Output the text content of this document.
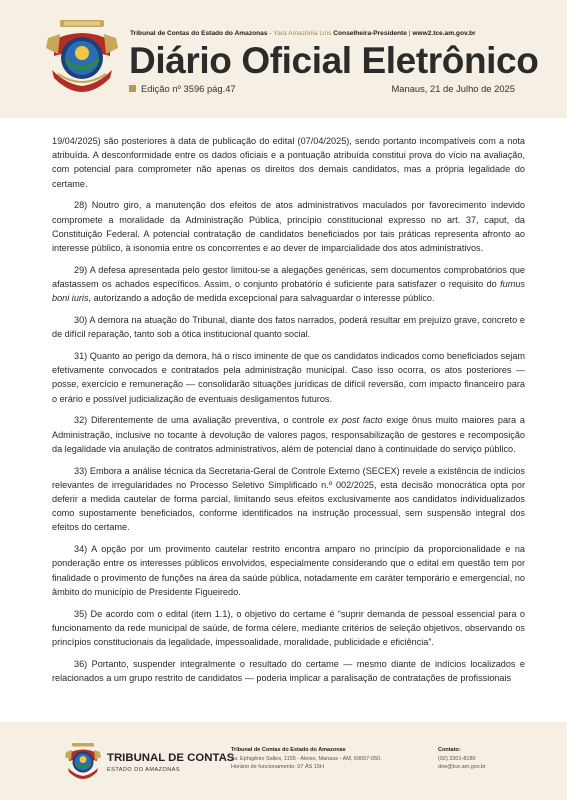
Tribunal de Contas do Estado do Amazonas - Yara Amazônia Lins Conselheira-Presidente | www2.tce.am.gov.br
Diário Oficial Eletrônico
Edição nº 3596 pág.47	Manaus, 21 de Julho de 2025

19/04/2025) são posteriores à data de publicação do edital (07/04/2025), sendo portanto incompatíveis com a nota atribuída. A desconformidade entre os dados oficiais e a pontuação atribuída constitui prova do vício na avaliação, com potencial para comprometer não apenas os direitos dos demais candidatos, mas a própria legalidade do certame.

28) Noutro giro, a manutenção dos efeitos de atos administrativos maculados por favorecimento indevido compromete a moralidade da Administração Pública, princípio constitucional expresso no art. 37, caput, da Constituição Federal. A potencial contratação de candidatos beneficiados por tais práticas representa afronto ao interesse público, à isonomia entre os concorrentes e ao dever de imparcialidade dos atos administrativos.

29) A defesa apresentada pelo gestor limitou-se a alegações genéricas, sem documentos comprobatórios que afastassem os achados específicos. Assim, o conjunto probatório é suficiente para satisfazer o requisito do fumus boni iuris, autorizando a adoção de medida excepcional para salvaguardar o interesse público.

30) A demora na atuação do Tribunal, diante dos fatos narrados, poderá resultar em prejuízo grave, concreto e de difícil reparação, tanto sob a ótica institucional quanto social.

31) Quanto ao perigo da demora, há o risco iminente de que os candidatos indicados como beneficiados sejam efetivamente convocados e contratados pela administração municipal. Caso isso ocorra, os atos posteriores — posse, exercício e remuneração — consolidarão situações jurídicas de difícil reversão, com impacto financeiro para o erário e possível judicialização de eventuais desligamentos futuros.

32) Diferentemente de uma avaliação preventiva, o controle ex post facto exige ônus muito maiores para a Administração, inclusive no tocante à devolução de valores pagos, responsabilização de gestores e recomposição da legalidade via anulação de contratos administrativos, além de potencial dano à continuidade do serviço público.

33) Embora a análise técnica da Secretaria-Geral de Controle Externo (SECEX) revele a existência de indícios relevantes de irregularidades no Processo Seletivo Simplificado n.º 002/2025, esta decisão monocrática opta por deferir a medida cautelar de forma parcial, limitando seus efeitos exclusivamente aos candidatos individualizados como supostamente beneficiados, conforme identificados na instrução processual, sem suspensão integral dos efeitos do certame.

34) A opção por um provimento cautelar restrito encontra amparo no princípio da proporcionalidade e na ponderação entre os interesses públicos envolvidos, especialmente considerando que o edital em questão tem por finalidade o provimento de funções na área da saúde pública, notadamente em caráter temporário e emergencial, no âmbito do município de Presidente Figueiredo.

35) De acordo com o edital (item 1.1), o objetivo do certame é “suprir demanda de pessoal essencial para o funcionamento da rede municipal de saúde, de forma célere, mediante critérios de seleção objetivos, observando os princípios constitucionais da legalidade, impessoalidade, moralidade, publicidade e eficiência”.

36) Portanto, suspender integralmente o resultado do certame — mesmo diante de indícios localizados e relacionados a um grupo restrito de candidatos — poderia implicar a paralisação de contratações de profissionais

TRIBUNAL DE CONTAS
ESTADO DO AMAZONAS
Tribunal de Contas do Estado do Amazonas
Av. Ephigênio Salles, 1155 - Aleixo, Manaus - AM, 69057-050.
Horário de funcionamento: 07 ÀS 15H
Contato:
(92) 3301-8180
doe@tce.am.gov.br
